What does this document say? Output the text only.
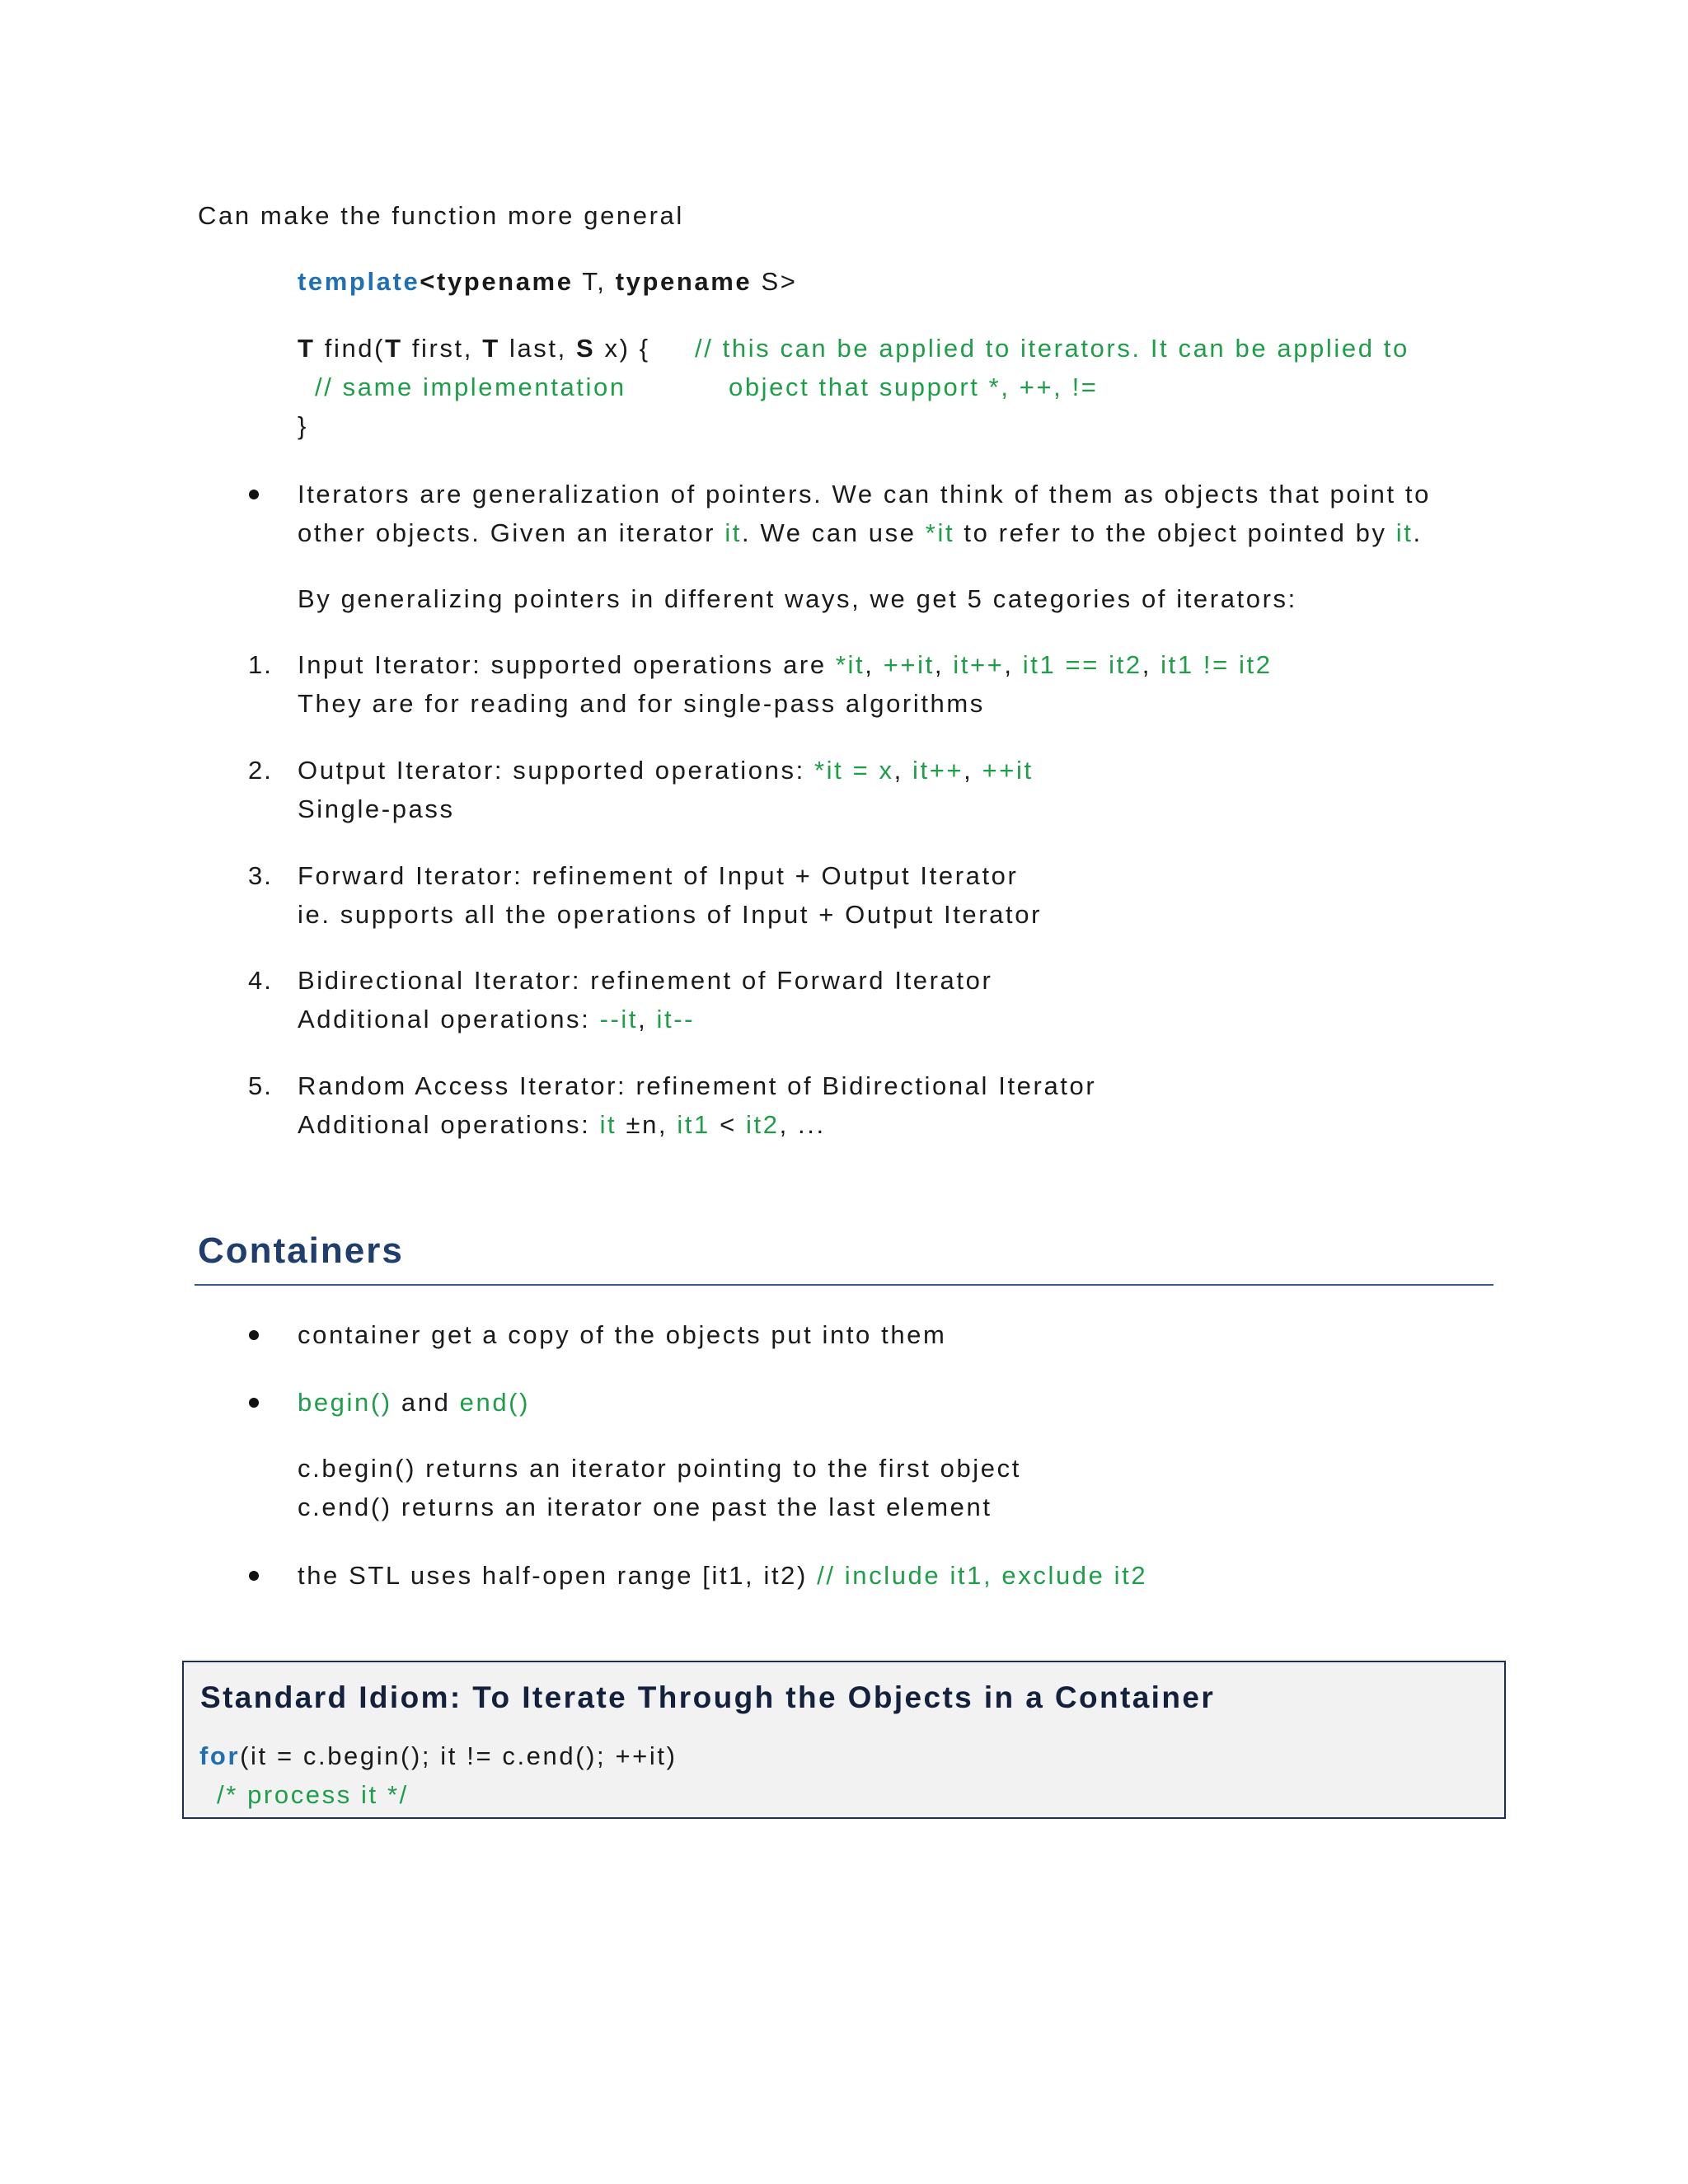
Can make the function more general
template<typename T, typename S>
T find(T first, T last, S x) { // this can be applied to iterators. It can be applied to
// same implementation	object that support *, ++, !=
}
Iterators are generalization of pointers. We can think of them as objects that point to
other objects. Given an iterator it. We can use *it to refer to the object pointed by it.
By generalizing pointers in different ways, we get 5 categories of iterators:
1. Input Iterator: supported operations are *it, ++it, it++, it1 == it2, it1 != it2
They are for reading and for single-pass algorithms
2. Output Iterator: supported operations: *it = x, it++, ++it
Single-pass
3. Forward Iterator: refinement of Input + Output Iterator
ie. supports all the operations of Input + Output Iterator
4. Bidirectional Iterator: refinement of Forward Iterator
Additional operations: --it, it--
5. Random Access Iterator: refinement of Bidirectional Iterator
Additional operations: it ±n, it1 < it2, ...
Containers
container get a copy of the objects put into them
begin() and end()
c.begin() returns an iterator pointing to the first object
c.end() returns an iterator one past the last element
the STL uses half-open range [it1, it2) // include it1, exclude it2
Standard Idiom: To Iterate Through the Objects in a Container
for(it = c.begin(); it != c.end(); ++it)
/* process it */
